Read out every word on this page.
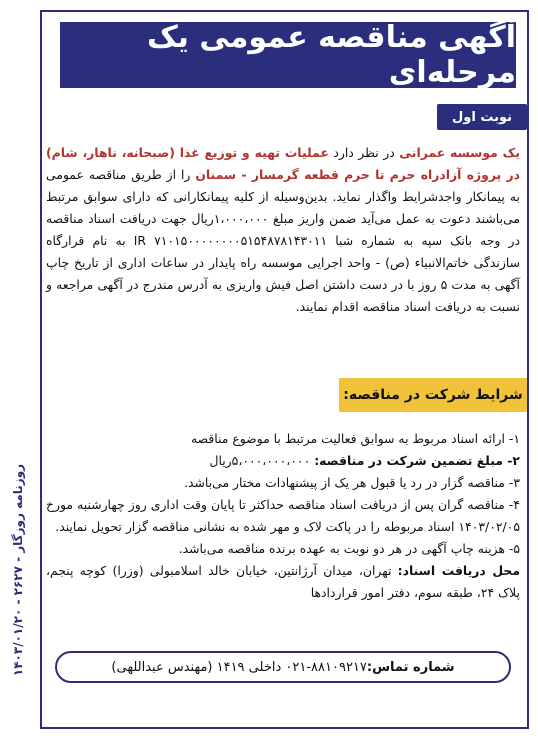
آگهی مناقصه عمومی یک مرحله‌ای
نوبت اول

یک موسسه عمرانی در نظر دارد عملیات تهیه و توزیع غذا (صبحانه، ناهار، شام) در پروژه آزادراه حرم تا حرم قطعه گرمسار - سمنان را از طریق مناقصه عمومی به پیمانکار واجدشرایط واگذار نماید. بدین‌وسیله از کلیه پیمانکارانی که دارای سوابق مرتبط می‌باشند دعوت به عمل می‌آید ضمن واریز مبلغ ۱،۰۰۰،۰۰۰ریال جهت دریافت اسناد مناقصه در وجه بانک سپه به شماره شبا IR ۷۱۰۱۵۰۰۰۰۰۰۰۰۵۱۵۴۸۷۸۱۴۳۰۱۱ به نام قرارگاه سازندگی خاتم‌الانبیاء (ص) - واحد اجرایی موسسه راه پایدار در ساعات اداری از تاریخ چاپ آگهی به مدت ۵ روز با در دست داشتن اصل فیش واریزی به آدرس مندرج در آگهی مراجعه و نسبت به دریافت اسناد مناقصه اقدام نمایند.

شرایط شرکت در مناقصه:

۱- ارائه اسناد مربوط به سوابق فعالیت مرتبط با موضوع مناقصه

۲- مبلغ تضمین شرکت در مناقصه: ۵،۰۰۰،۰۰۰،۰۰۰ریال

۳- مناقصه گزار در رد یا قبول هر یک از پیشنهادات مختار می‌باشد.

۴- مناقصه گران پس از دریافت اسناد مناقصه حداکثر تا پایان وقت اداری روز چهارشنبه مورخ ۱۴۰۳/۰۲/۰۵ اسناد مربوطه را در پاکت لاک و مهر شده به نشانی مناقصه گزار تحویل نمایند.

۵- هزینه چاپ آگهی در هر دو نوبت به عهده برنده مناقصه می‌باشد.

محل دریافت اسناد: تهران، میدان آرژانتین، خیابان خالد اسلامبولی (وزرا) کوچه پنجم، پلاک ۲۴، طبقه سوم، دفتر امور قراردادها

شماره تماس:
۰۲۱-۸۸۱۰۹۲۱۷ داخلی ۱۴۱۹ (مهندس عبداللهی)
روزنامه روزگار - ۲۶۲۷ - ۱۴۰۳/۰۱/۲۰
